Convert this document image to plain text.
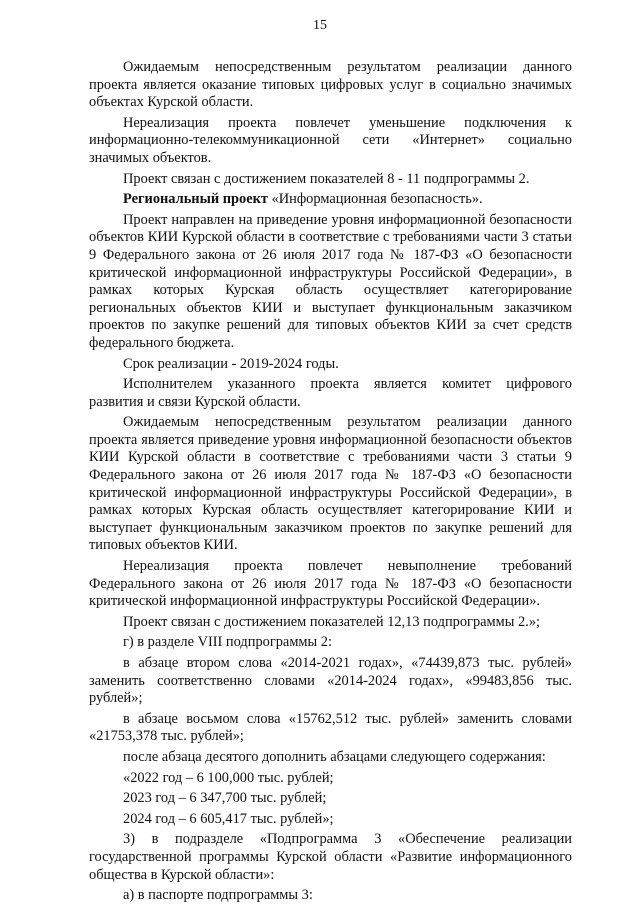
15

Ожидаемым непосредственным результатом реализации данного проекта является оказание типовых цифровых услуг в социально значимых объектах Курской области.

Нереализация проекта повлечет уменьшение подключения к информационно-телекоммуникационной сети «Интернет» социально значимых объектов.

Проект связан с достижением показателей 8 - 11 подпрограммы 2.

Региональный проект «Информационная безопасность».

Проект направлен на приведение уровня информационной безопасности объектов КИИ Курской области в соответствие с требованиями части 3 статьи 9 Федерального закона от 26 июля 2017 года № 187-ФЗ «О безопасности критической информационной инфраструктуры Российской Федерации», в рамках которых Курская область осуществляет категорирование региональных объектов КИИ и выступает функциональным заказчиком проектов по закупке решений для типовых объектов КИИ за счет средств федерального бюджета.

Срок реализации - 2019-2024 годы.

Исполнителем указанного проекта является комитет цифрового развития и связи Курской области.

Ожидаемым непосредственным результатом реализации данного проекта является приведение уровня информационной безопасности объектов КИИ Курской области в соответствие с требованиями части 3 статьи 9 Федерального закона от 26 июля 2017 года № 187-ФЗ «О безопасности критической информационной инфраструктуры Российской Федерации», в рамках которых Курская область осуществляет категорирование КИИ и выступает функциональным заказчиком проектов по закупке решений для типовых объектов КИИ.

Нереализация проекта повлечет невыполнение требований Федерального закона от 26 июля 2017 года № 187-ФЗ «О безопасности критической информационной инфраструктуры Российской Федерации».

Проект связан с достижением показателей 12,13 подпрограммы 2.»;

г) в разделе VIII подпрограммы 2:

в абзаце втором слова «2014-2021 годах», «74439,873 тыс. рублей» заменить соответственно словами «2014-2024 годах», «99483,856 тыс. рублей»;

в абзаце восьмом слова «15762,512 тыс. рублей» заменить словами «21753,378 тыс. рублей»;

после абзаца десятого дополнить абзацами следующего содержания:

«2022 год – 6 100,000 тыс. рублей;

2023 год – 6 347,700 тыс. рублей;

2024 год – 6 605,417 тыс. рублей»;

3) в подразделе «Подпрограмма 3 «Обеспечение реализации государственной программы Курской области «Развитие информационного общества в Курской области»:

а) в паспорте подпрограммы 3:
